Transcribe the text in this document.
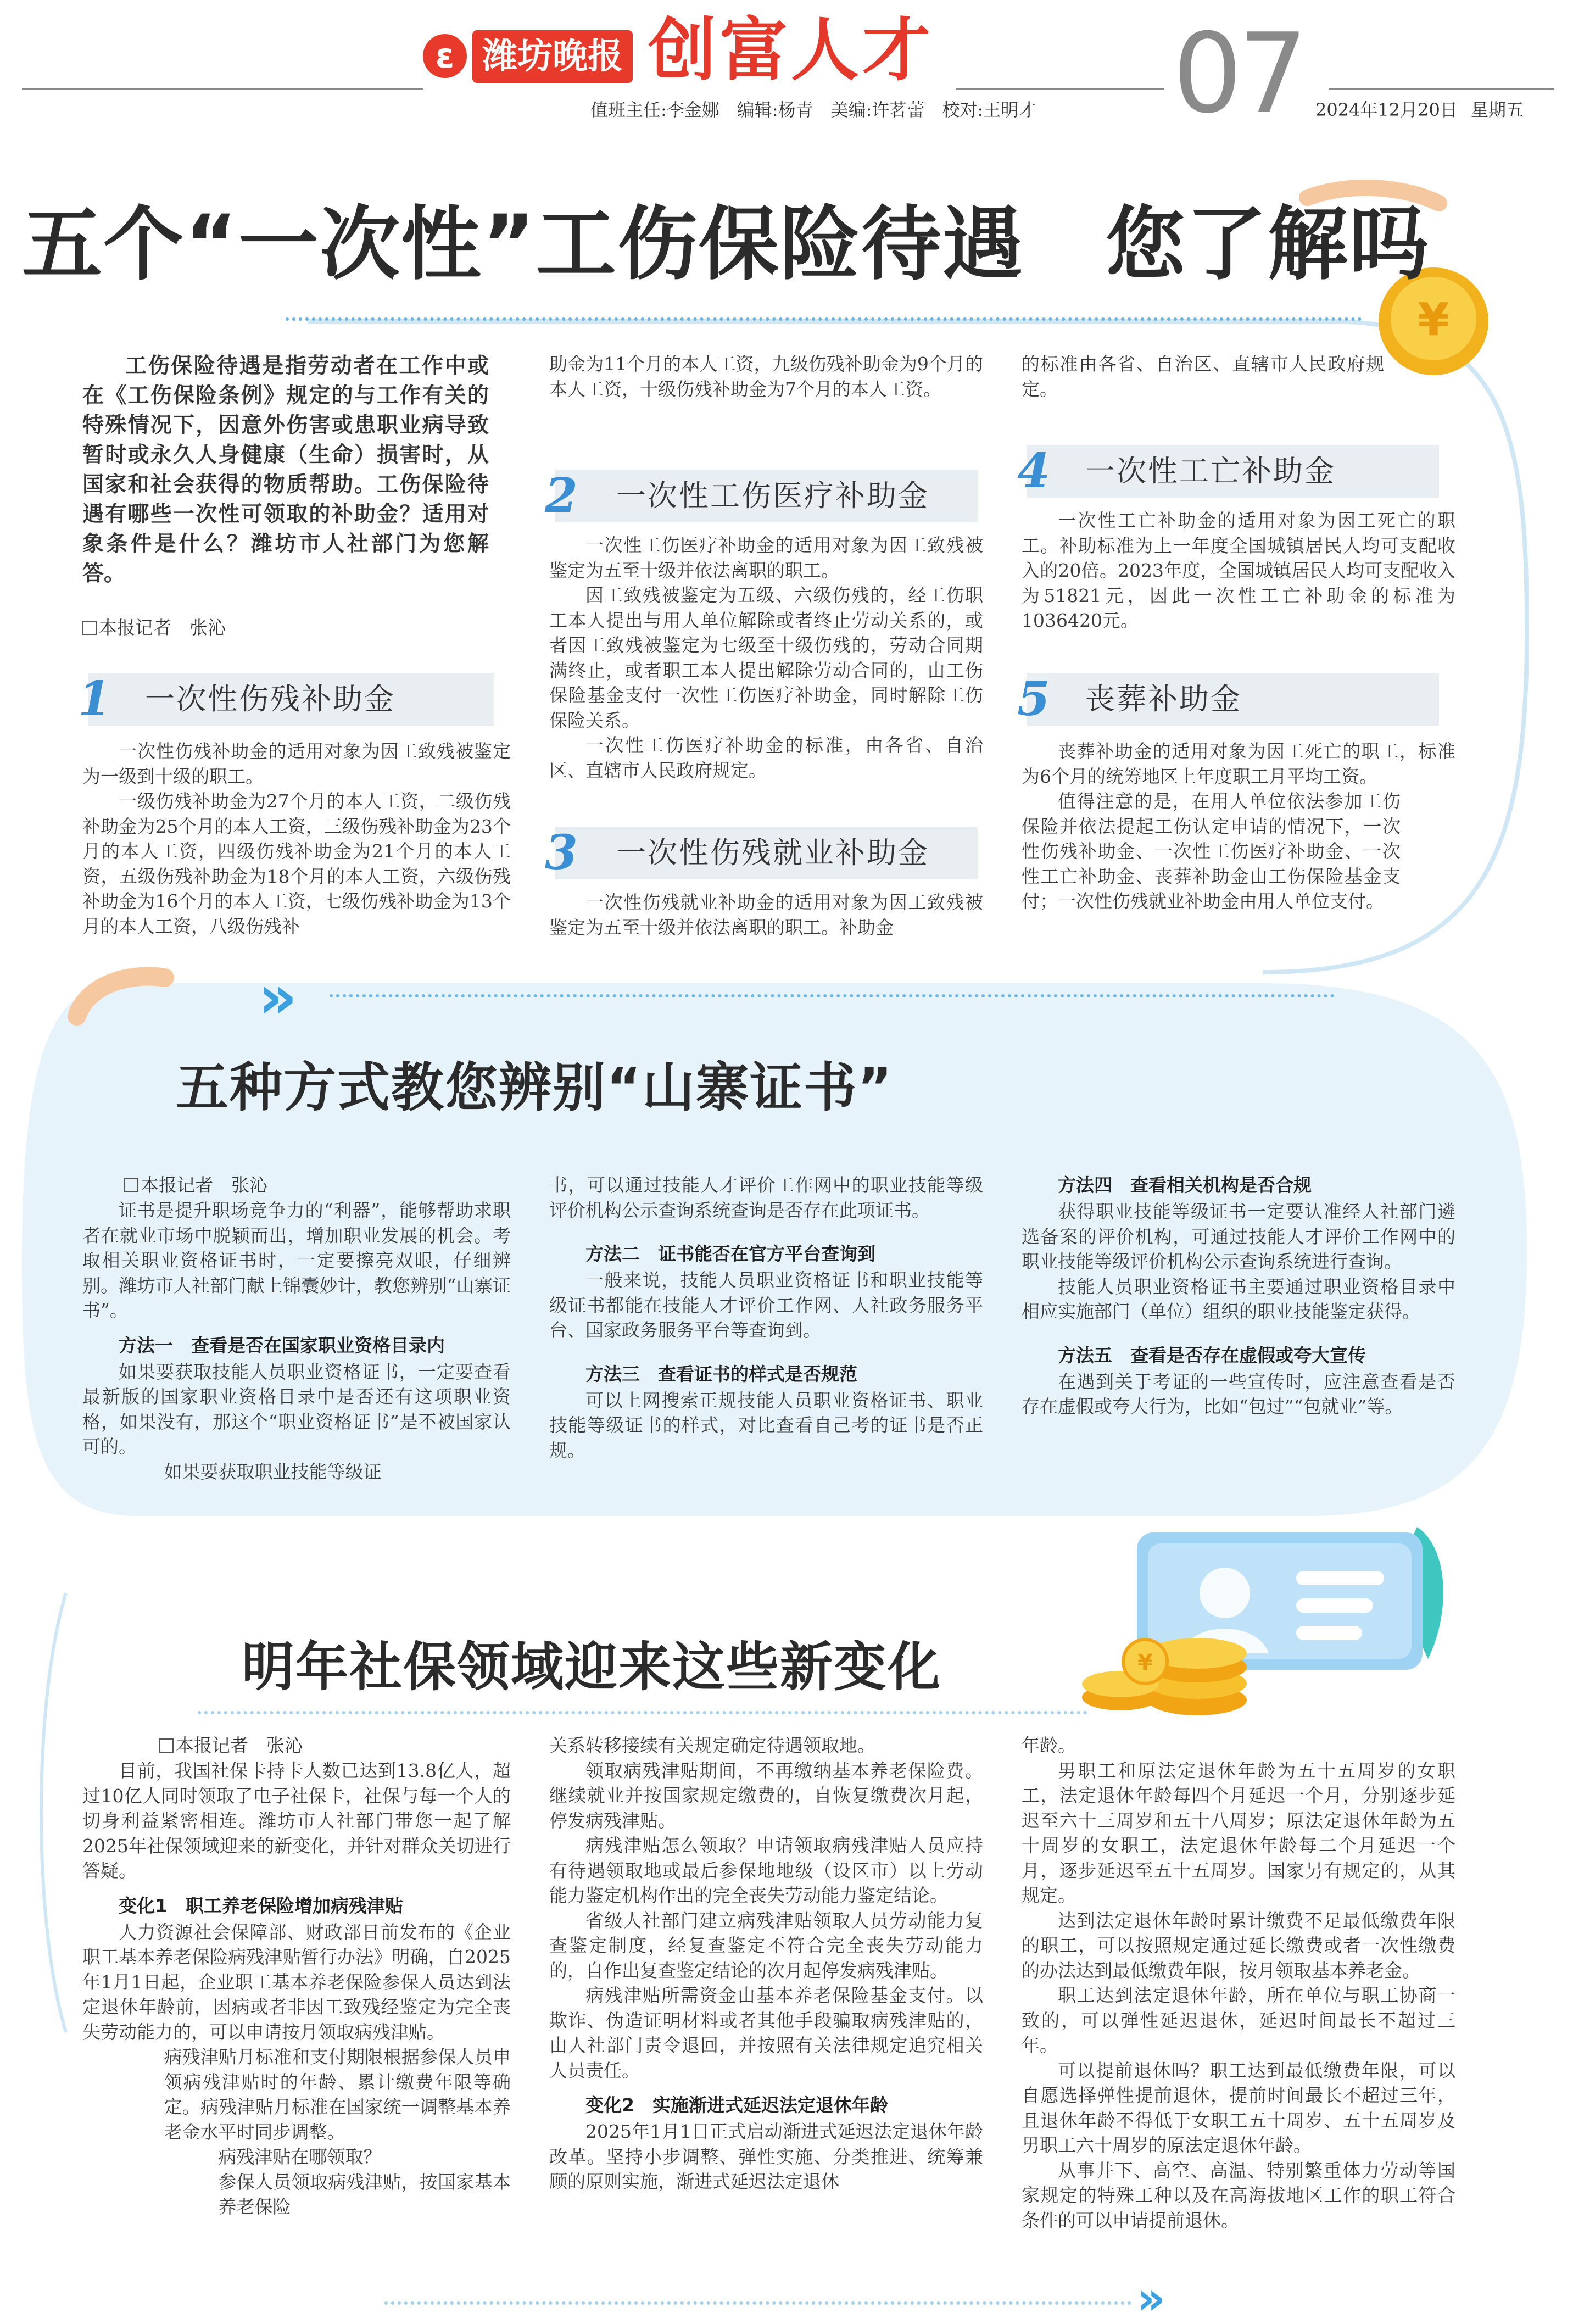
¥
¥
ε 潍坊晚报 创富人才 07
值班主任:李金娜　编辑:杨青　美编:许茗蕾　校对:王明才	2024年12月20日 星期五
五个“一次性”工伤保险待遇　您了解吗

工伤保险待遇是指劳动者在工作中或在《工伤保险条例》规定的与工作有关的特殊情况下，因意外伤害或患职业病导致暂时或永久人身健康（生命）损害时，从国家和社会获得的物质帮助。工伤保险待遇有哪些一次性可领取的补助金？适用对象条件是什么？潍坊市人社部门为您解答。

本报记者　张沁
1 一次性伤残补助金

一次性伤残补助金的适用对象为因工致残被鉴定为一级到十级的职工。

一级伤残补助金为27个月的本人工资，二级伤残补助金为25个月的本人工资，三级伤残补助金为23个月的本人工资，四级伤残补助金为21个月的本人工资，五级伤残补助金为18个月的本人工资，六级伤残补助金为16个月的本人工资，七级伤残补助金为13个月的本人工资，八级伤残补

助金为11个月的本人工资，九级伤残补助金为9个月的本人工资，十级伤残补助金为7个月的本人工资。

2 一次性工伤医疗补助金

一次性工伤医疗补助金的适用对象为因工致残被鉴定为五至十级并依法离职的职工。

因工致残被鉴定为五级、六级伤残的，经工伤职工本人提出与用人单位解除或者终止劳动关系的，或者因工致残被鉴定为七级至十级伤残的，劳动合同期满终止，或者职工本人提出解除劳动合同的，由工伤保险基金支付一次性工伤医疗补助金，同时解除工伤保险关系。

一次性工伤医疗补助金的标准，由各省、自治区、直辖市人民政府规定。

3 一次性伤残就业补助金

一次性伤残就业补助金的适用对象为因工致残被鉴定为五至十级并依法离职的职工。补助金

的标准由各省、自治区、直辖市人民政府规定。

4 一次性工亡补助金

一次性工亡补助金的适用对象为因工死亡的职工。补助标准为上一年度全国城镇居民人均可支配收入的20倍。2023年度，全国城镇居民人均可支配收入为51821元，因此一次性工亡补助金的标准为1036420元。

5 丧葬补助金

丧葬补助金的适用对象为因工死亡的职工，标准为6个月的统筹地区上年度职工月平均工资。

值得注意的是，在用人单位依法参加工伤保险并依法提起工伤认定申请的情况下，一次性伤残补助金、一次性工伤医疗补助金、一次性工亡补助金、丧葬补助金由工伤保险基金支付；一次性伤残就业补助金由用人单位支付。

»
五种方式教您辨别“山寨证书”
本报记者　张沁

证书是提升职场竞争力的“利器”，能够帮助求职者在就业市场中脱颖而出，增加职业发展的机会。考取相关职业资格证书时，一定要擦亮双眼，仔细辨别。潍坊市人社部门献上锦囊妙计，教您辨别“山寨证书”。

方法一　查看是否在国家职业资格目录内

如果要获取技能人员职业资格证书，一定要查看最新版的国家职业资格目录中是否还有这项职业资格，如果没有，那这个“职业资格证书”是不被国家认可的。

如果要获取职业技能等级证

书，可以通过技能人才评价工作网中的职业技能等级评价机构公示查询系统查询是否存在此项证书。

方法二　证书能否在官方平台查询到

一般来说，技能人员职业资格证书和职业技能等级证书都能在技能人才评价工作网、人社政务服务平台、国家政务服务平台等查询到。

方法三　查看证书的样式是否规范

可以上网搜索正规技能人员职业资格证书、职业技能等级证书的样式，对比查看自己考的证书是否正规。

方法四　查看相关机构是否合规

获得职业技能等级证书一定要认准经人社部门遴选备案的评价机构，可通过技能人才评价工作网中的职业技能等级评价机构公示查询系统进行查询。

技能人员职业资格证书主要通过职业资格目录中相应实施部门（单位）组织的职业技能鉴定获得。

方法五　查看是否存在虚假或夸大宣传

在遇到关于考证的一些宣传时，应注意查看是否存在虚假或夸大行为，比如“包过”“包就业”等。

明年社保领域迎来这些新变化
本报记者　张沁

目前，我国社保卡持卡人数已达到13.8亿人，超过10亿人同时领取了电子社保卡，社保与每一个人的切身利益紧密相连。潍坊市人社部门带您一起了解2025年社保领域迎来的新变化，并针对群众关切进行答疑。

变化1　职工养老保险增加病残津贴

人力资源社会保障部、财政部日前发布的《企业职工基本养老保险病残津贴暂行办法》明确，自2025年1月1日起，企业职工基本养老保险参保人员达到法定退休年龄前，因病或者非因工致残经鉴定为完全丧失劳动能力的，可以申请按月领取病残津贴。

病残津贴月标准和支付期限根据参保人员申领病残津贴时的年龄、累计缴费年限等确定。病残津贴月标准在国家统一调整基本养老金水平时同步调整。

病残津贴在哪领取？

参保人员领取病残津贴，按国家基本养老保险

关系转移接续有关规定确定待遇领取地。

领取病残津贴期间，不再缴纳基本养老保险费。继续就业并按国家规定缴费的，自恢复缴费次月起，停发病残津贴。

病残津贴怎么领取？申请领取病残津贴人员应持有待遇领取地或最后参保地地级（设区市）以上劳动能力鉴定机构作出的完全丧失劳动能力鉴定结论。

省级人社部门建立病残津贴领取人员劳动能力复查鉴定制度，经复查鉴定不符合完全丧失劳动能力的，自作出复查鉴定结论的次月起停发病残津贴。

病残津贴所需资金由基本养老保险基金支付。以欺诈、伪造证明材料或者其他手段骗取病残津贴的，由人社部门责令退回，并按照有关法律规定追究相关人员责任。

变化2　实施渐进式延迟法定退休年龄

2025年1月1日正式启动渐进式延迟法定退休年龄改革。坚持小步调整、弹性实施、分类推进、统筹兼顾的原则实施，渐进式延迟法定退休

年龄。

男职工和原法定退休年龄为五十五周岁的女职工，法定退休年龄每四个月延迟一个月，分别逐步延迟至六十三周岁和五十八周岁；原法定退休年龄为五十周岁的女职工，法定退休年龄每二个月延迟一个月，逐步延迟至五十五周岁。国家另有规定的，从其规定。

达到法定退休年龄时累计缴费不足最低缴费年限的职工，可以按照规定通过延长缴费或者一次性缴费的办法达到最低缴费年限，按月领取基本养老金。

职工达到法定退休年龄，所在单位与职工协商一致的，可以弹性延迟退休，延迟时间最长不超过三年。

可以提前退休吗？职工达到最低缴费年限，可以自愿选择弹性提前退休，提前时间最长不超过三年，且退休年龄不得低于女职工五十周岁、五十五周岁及男职工六十周岁的原法定退休年龄。

从事井下、高空、高温、特别繁重体力劳动等国家规定的特殊工种以及在高海拔地区工作的职工符合条件的可以申请提前退休。

»
